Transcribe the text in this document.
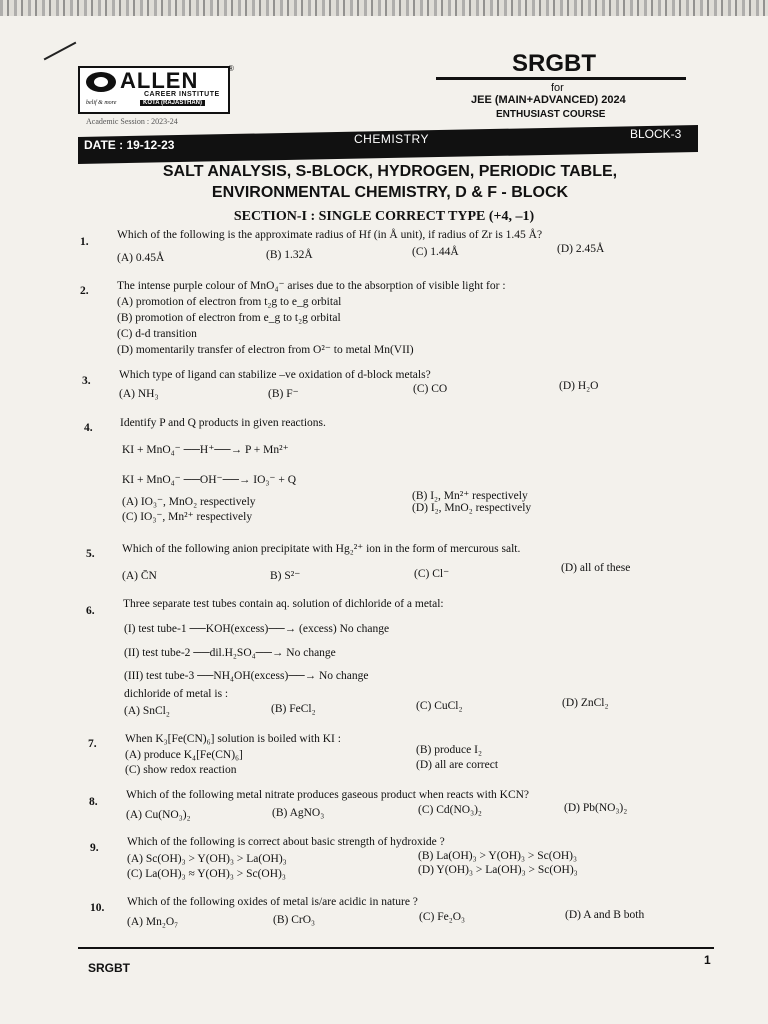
ALLEN
CAREER INSTITUTE
belif & more	KOTA (RAJASTHAN)
®
Academic Session : 2023-24
SRGBT
for
JEE (MAIN+ADVANCED) 2024
ENTHUSIAST COURSE
DATE : 19-12-23	CHEMISTRY	BLOCK-3
SALT ANALYSIS, S-BLOCK, HYDROGEN, PERIODIC TABLE,
ENVIRONMENTAL CHEMISTRY, D & F - BLOCK
SECTION-I : SINGLE CORRECT TYPE (+4, –1)
1.
Which of the following is the approximate radius of Hf (in Å unit), if radius of Zr is 1.45 Å?
(A) 0.45Å	(B) 1.32Å	(C) 1.44Å	(D) 2.45Å
2. The intense purple colour of MnO₄⁻ arises due to the absorption of visible light for :
(A) promotion of electron from t₂g to e_g orbital
(B) promotion of electron from e_g to t₂g orbital
(C) d-d transition
(D) momentarily transfer of electron from O²⁻ to metal Mn(VII)
3. Which type of ligand can stabilize –ve oxidation of d-block metals?
(A) NH₃	(B) F⁻	(C) CO	(D) H₂O
4. Identify P and Q products in given reactions.
KI + MnO₄⁻ ──H⁺──→ P + Mn²⁺
KI + MnO₄⁻ ──OH⁻──→ IO₃⁻ + Q
(A) IO₃⁻, MnO₂ respectively	(B) I₂, Mn²⁺ respectively
(C) IO₃⁻, Mn²⁺ respectively
(D) I₂, MnO₂ respectively
5. Which of the following anion precipitate with Hg₂²⁺ ion in the form of mercurous salt.
(A) C̄N	B) S²⁻	(C) Cl⁻	(D) all of these
6.
Three separate test tubes contain aq. solution of dichloride of a metal:
(I) test tube-1 ──KOH(excess)──→ (excess) No change
(II) test tube-2 ──dil.H₂SO₄──→ No change
(III) test tube-3 ──NH₄OH(excess)──→ No change
dichloride of metal is :
(A) SnCl₂	(B) FeCl₂	(C) CuCl₂	(D) ZnCl₂
7. When K₃[Fe(CN)₆] solution is boiled with KI :
(A) produce K₄[Fe(CN)₆]	(B) produce I₂
(C) show redox reaction	(D) all are correct
8.
Which of the following metal nitrate produces gaseous product when reacts with KCN?
(A) Cu(NO₃)₂	(B) AgNO₃	(C) Cd(NO₃)₂	(D) Pb(NO₃)₂
9. Which of the following is correct about basic strength of hydroxide ?
(A) Sc(OH)₃ > Y(OH)₃ > La(OH)₃	(B) La(OH)₃ > Y(OH)₃ > Sc(OH)₃
(C) La(OH)₃ ≈ Y(OH)₃ > Sc(OH)₃	(D) Y(OH)₃ > La(OH)₃ > Sc(OH)₃
10. Which of the following oxides of metal is/are acidic in nature ?
(A) Mn₂O₇	(B) CrO₃	(C) Fe₂O₃	(D) A and B both
SRGBT
1
